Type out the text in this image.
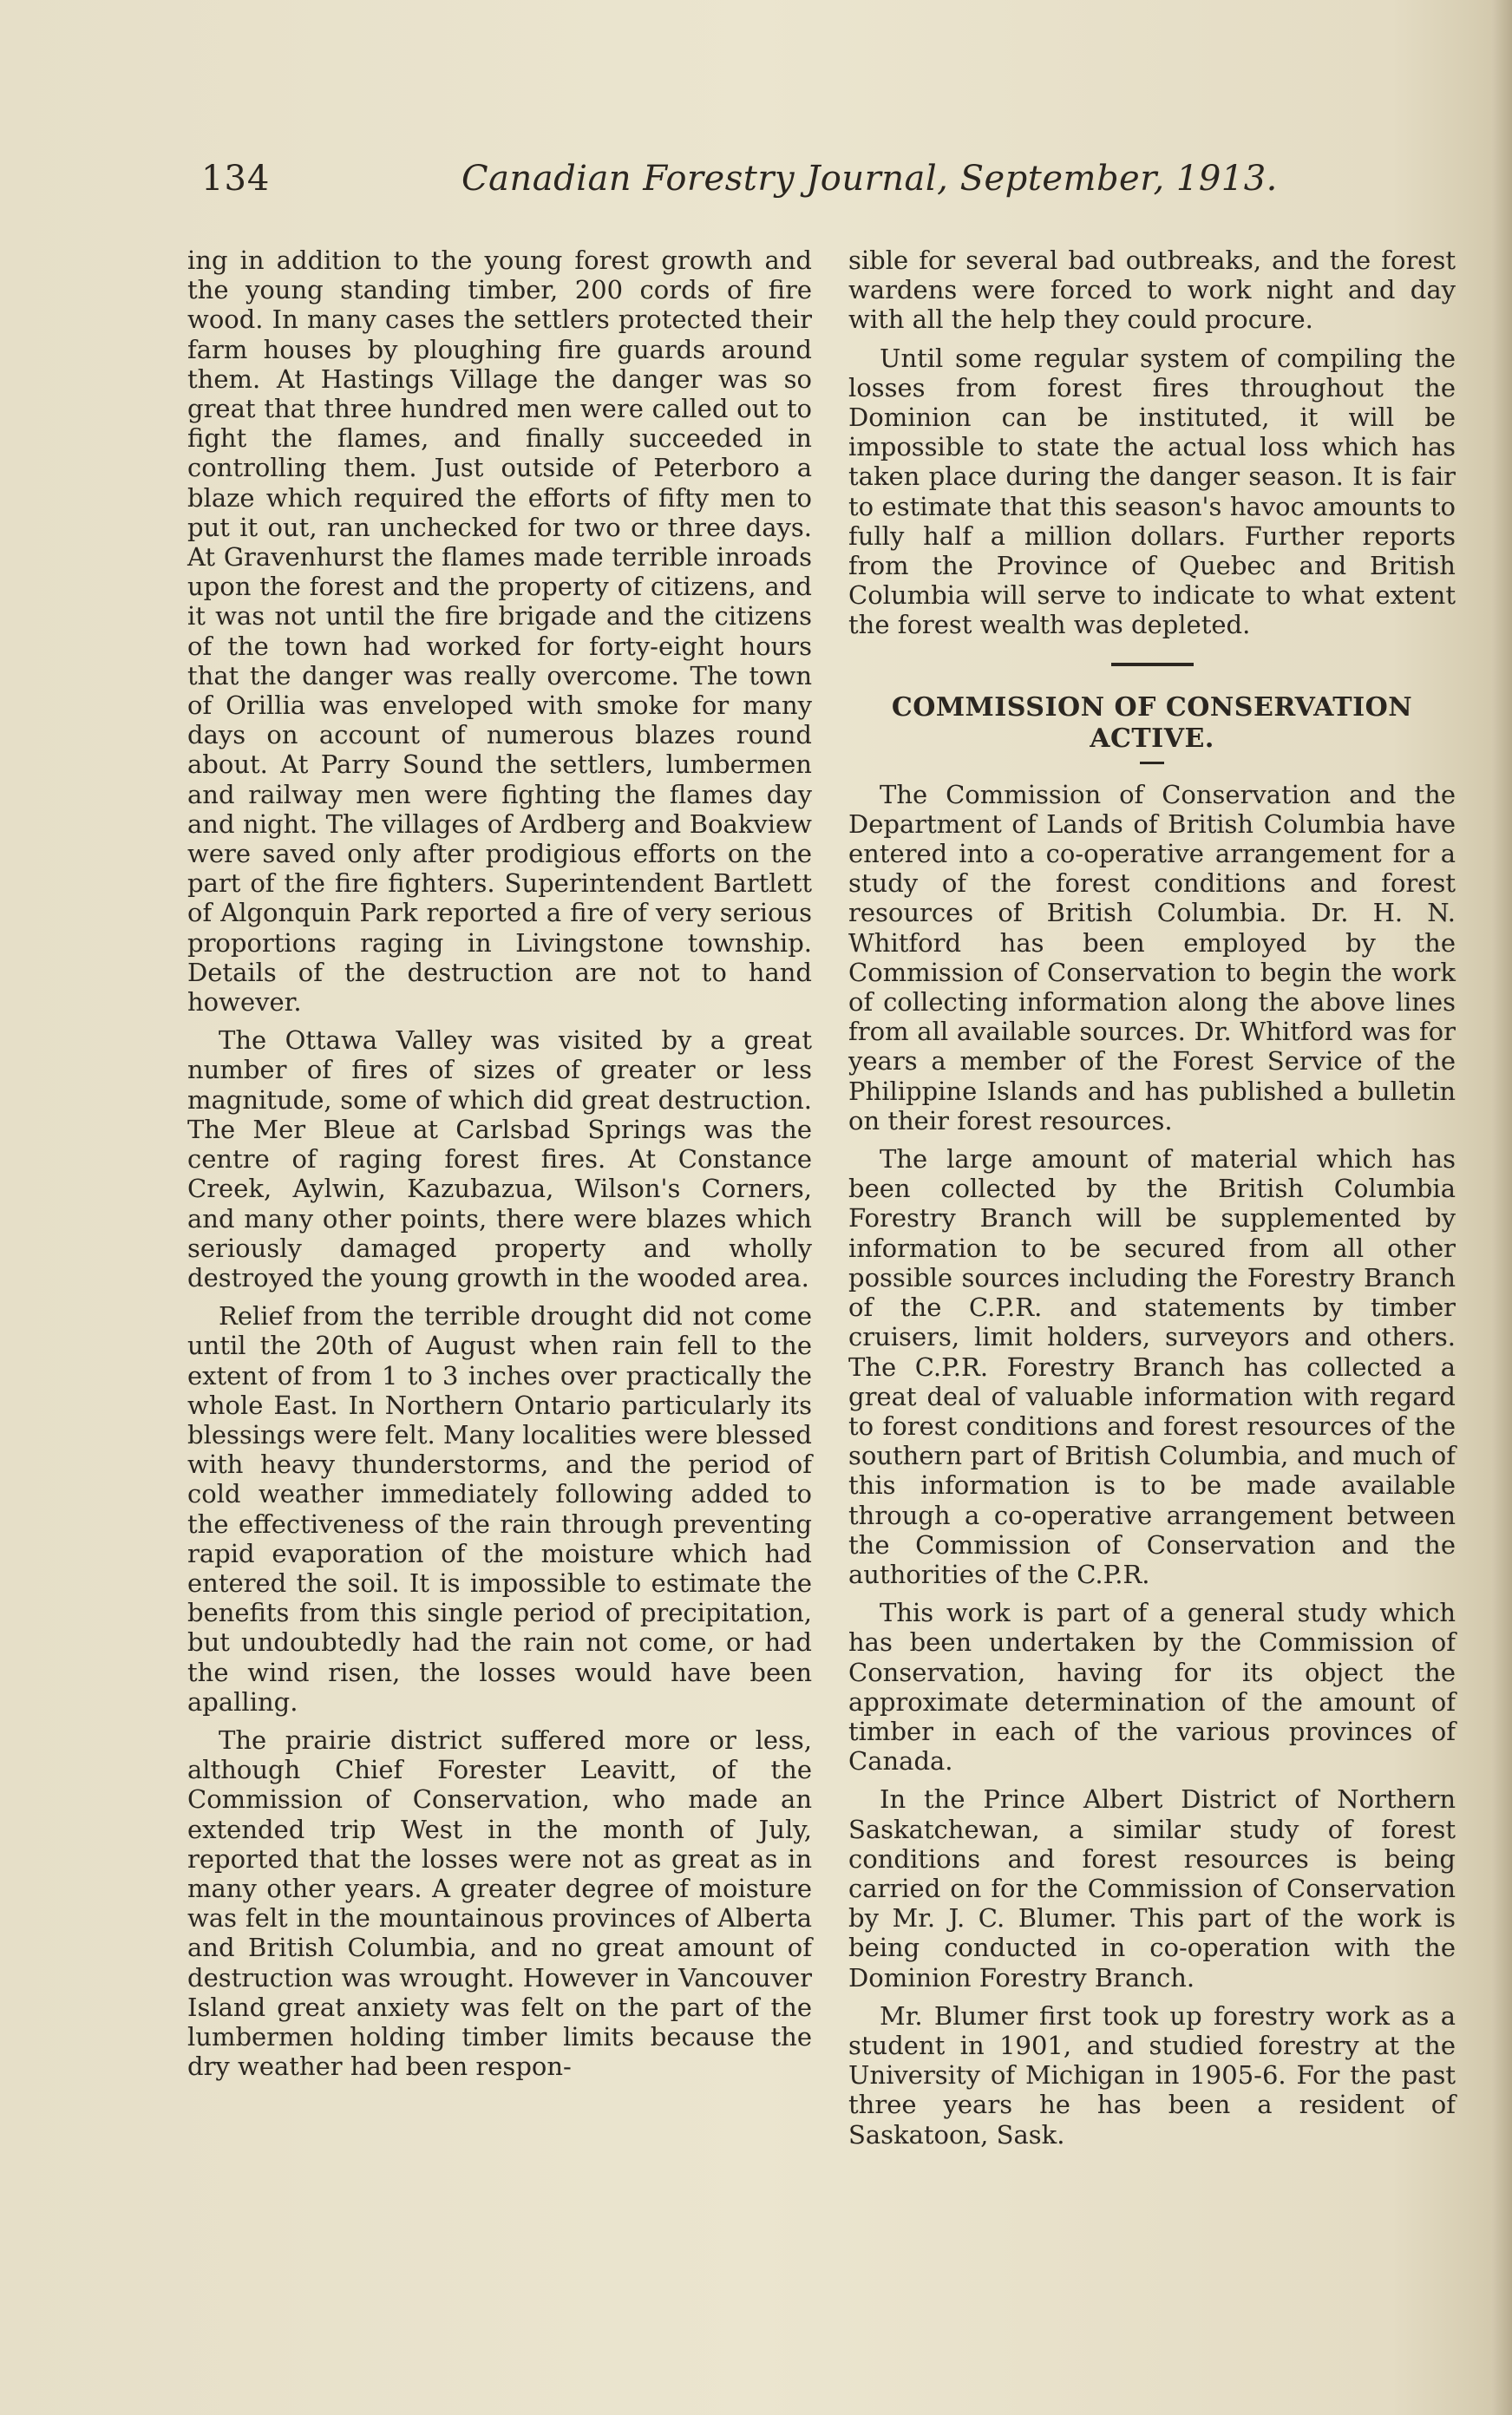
134	Canadian Forestry Journal, September, 1913.

ing in addition to the young forest growth and the young standing timber, 200 cords of fire wood. In many cases the settlers protected their farm houses by ploughing fire guards around them. At Hastings Village the danger was so great that three hundred men were called out to fight the flames, and finally succeeded in controlling them. Just outside of Peterboro a blaze which required the efforts of fifty men to put it out, ran unchecked for two or three days. At Gravenhurst the flames made terrible inroads upon the forest and the property of citizens, and it was not until the fire brigade and the citizens of the town had worked for forty-eight hours that the danger was really overcome. The town of Orillia was enveloped with smoke for many days on account of numerous blazes round about. At Parry Sound the settlers, lumbermen and railway men were fighting the flames day and night. The villages of Ardberg and Boakview were saved only after prodigious efforts on the part of the fire fighters. Superintendent Bartlett of Algonquin Park reported a fire of very serious proportions raging in Livingstone township. Details of the destruction are not to hand however.

The Ottawa Valley was visited by a great number of fires of sizes of greater or less magnitude, some of which did great destruction. The Mer Bleue at Carlsbad Springs was the centre of raging forest fires. At Constance Creek, Aylwin, Kazubazua, Wilson's Corners, and many other points, there were blazes which seriously damaged property and wholly destroyed the young growth in the wooded area.

Relief from the terrible drought did not come until the 20th of August when rain fell to the extent of from 1 to 3 inches over practically the whole East. In Northern Ontario particularly its blessings were felt. Many localities were blessed with heavy thunderstorms, and the period of cold weather immediately following added to the effectiveness of the rain through preventing rapid evaporation of the moisture which had entered the soil. It is impossible to estimate the benefits from this single period of precipitation, but undoubtedly had the rain not come, or had the wind risen, the losses would have been apalling.

The prairie district suffered more or less, although Chief Forester Leavitt, of the Commission of Conservation, who made an extended trip West in the month of July, reported that the losses were not as great as in many other years. A greater degree of moisture was felt in the mountainous provinces of Alberta and British Columbia, and no great amount of destruction was wrought. However in Vancouver Island great anxiety was felt on the part of the lumbermen holding timber limits because the dry weather had been respon-

sible for several bad outbreaks, and the forest wardens were forced to work night and day with all the help they could procure.

Until some regular system of compiling the losses from forest fires throughout the Dominion can be instituted, it will be impossible to state the actual loss which has taken place during the danger season. It is fair to estimate that this season's havoc amounts to fully half a million dollars. Further reports from the Province of Quebec and British Columbia will serve to indicate to what extent the forest wealth was depleted.

COMMISSION OF CONSERVATION ACTIVE.

The Commission of Conservation and the Department of Lands of British Columbia have entered into a co-operative arrangement for a study of the forest conditions and forest resources of British Columbia. Dr. H. N. Whitford has been employed by the Commission of Conservation to begin the work of collecting information along the above lines from all available sources. Dr. Whitford was for years a member of the Forest Service of the Philippine Islands and has published a bulletin on their forest resources.

The large amount of material which has been collected by the British Columbia Forestry Branch will be supplemented by information to be secured from all other possible sources including the Forestry Branch of the C.P.R. and statements by timber cruisers, limit holders, surveyors and others. The C.P.R. Forestry Branch has collected a great deal of valuable information with regard to forest conditions and forest resources of the southern part of British Columbia, and much of this information is to be made available through a co-operative arrangement between the Commission of Conservation and the authorities of the C.P.R.

This work is part of a general study which has been undertaken by the Commission of Conservation, having for its object the approximate determination of the amount of timber in each of the various provinces of Canada.

In the Prince Albert District of Northern Saskatchewan, a similar study of forest conditions and forest resources is being carried on for the Commission of Conservation by Mr. J. C. Blumer. This part of the work is being conducted in co-operation with the Dominion Forestry Branch.

Mr. Blumer first took up forestry work as a student in 1901, and studied forestry at the University of Michigan in 1905-6. For the past three years he has been a resident of Saskatoon, Sask.
